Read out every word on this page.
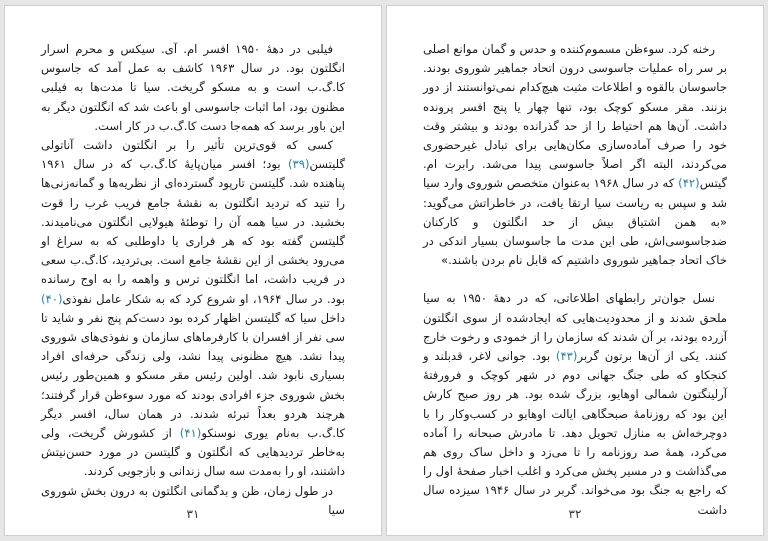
فیلبی در دهۀ ۱۹۵۰ افسر ام. آی. سیکس و محرم اسرار انگلتون بود. در سال ۱۹۶۳ کاشف به عمل آمد که جاسوس کا.گ.ب است و به مسکو گریخت. سیا تا مدت‌ها به فیلبی مظنون بود، اما اثبات جاسوسی او باعث شد که انگلتون دیگر به این باور برسد که همه‌جا دست کا.گ.ب در کار است.

کسی که قوی‌ترین تأثیر را بر انگلتون داشت آناتولی گلیتسن(۳۹) بود؛ افسر میان‌پایهٔ کا.گ.ب که در سال ۱۹۶۱ پناهنده شد. گلیتسن تارپود گسترده‌ای از نظریه‌ها و گمانه‌زنی‌ها را تنید که تردید انگلتون به نقشهٔ جامع فریب غرب را قوت بخشید. در سیا همه آن را توطئهٔ هیولایی انگلتون می‌نامیدند. گلیتسن گفته بود که هر فراری یا داوطلبی که به سراغ او می‌رود بخشی از این نقشهٔ جامع است. بی‌تردید، کا.گ.ب سعی در فریب داشت، اما انگلتون ترس و واهمه را به اوج رسانده بود. در سال ۱۹۶۴، او شروع کرد که به شکار عامل نفوذی(۴۰) داخل سیا که گلیتسن اظهار کرده بود دست‌کم پنج نفر و شاید تا سی نفر از افسران با کارفرماهای سازمان و نفوذی‌های شوروی پیدا نشد. هیچ مظنونی پیدا نشد، ولی زندگی حرفه‌ای افراد بسیاری نابود شد. اولین رئیس مقر مسکو و همین‌طور رئیس بخش شوروی جزء افرادی بودند که مورد سوءظن قرار گرفتند؛ هرچند هردو بعداً تبرئه شدند. در همان سال، افسر دیگر کا.گ.ب به‌نام یوری نوسنکو(۴۱) از کشورش گریخت، ولی به‌خاطر تردیدهایی که انگلتون و گلیتسن در مورد حسن‌نیتش داشتند، او را به‌مدت سه سال زندانی و بازجویی کردند.

در طول زمان، ظن و بدگمانی انگلتون به درون بخش شوروی سیا

۳۱

رخنه کرد. سوءظن مسموم‌کننده و حدس و گمان موانع اصلی بر سر راه عملیات جاسوسی درون اتحاد جماهیر شوروی بودند. جاسوسان بالقوه و اطلاعات مثبت هیچ‌کدام نمی‌توانستند از دور بزنند. مقر مسکو کوچک بود، تنها چهار یا پنج افسر پرونده داشت. آن‌ها هم احتیاط را از حد گذرانده بودند و بیشتر وقت خود را صرف آماده‌سازی مکان‌هایی برای تبادل غیرحضوری می‌کردند، البته اگر اصلاً جاسوسی پیدا می‌شد. رابرت ام. گیتس(۴۲) که در سال ۱۹۶۸ به‌عنوان متخصص شوروی وارد سیا شد و سپس به ریاست سیا ارتقا یافت، در خاطراتش می‌گوید: «به همن اشتیاق بیش از حد انگلتون و کارکنان ضدجاسوسی‌اش، طی این مدت ما جاسوسان بسیار اندکی در خاک اتحاد جماهیر شوروی داشتیم که قابل نام بردن باشند.»

نسل جوان‌تر رابطهای اطلاعاتی، که در دهۀ ۱۹۵۰ به سیا ملحق شدند و از محدودیت‌هایی که ایجادشده از سوی انگلتون آزرده بودند، بر آن شدند که سازمان را از خمودی و رخوت خارج کنند. یکی از آن‌ها برتون گربر(۴۳) بود. جوانی لاغر، قدبلند و کنجکاو که طی جنگ جهانی دوم در شهر کوچک و فرورفتۀ آرلینگتون شمالی اوهایو، بزرگ شده بود. هر روز صبح کارش این بود که روزنامهٔ صبحگاهی ایالت اوهایو در کسب‌وکار را با دوچرخه‌اش به منازل تحویل دهد. تا مادرش صبحانه را آماده می‌کرد، همهٔ صد روزنامه را تا می‌زد و داخل ساک روی هم می‌گذاشت و در مسیر پخش می‌کرد و اغلب اخبار صفحهٔ اول را که راجع به جنگ بود می‌خواند. گربر در سال ۱۹۴۶ سیزده سال داشت

۳۲
